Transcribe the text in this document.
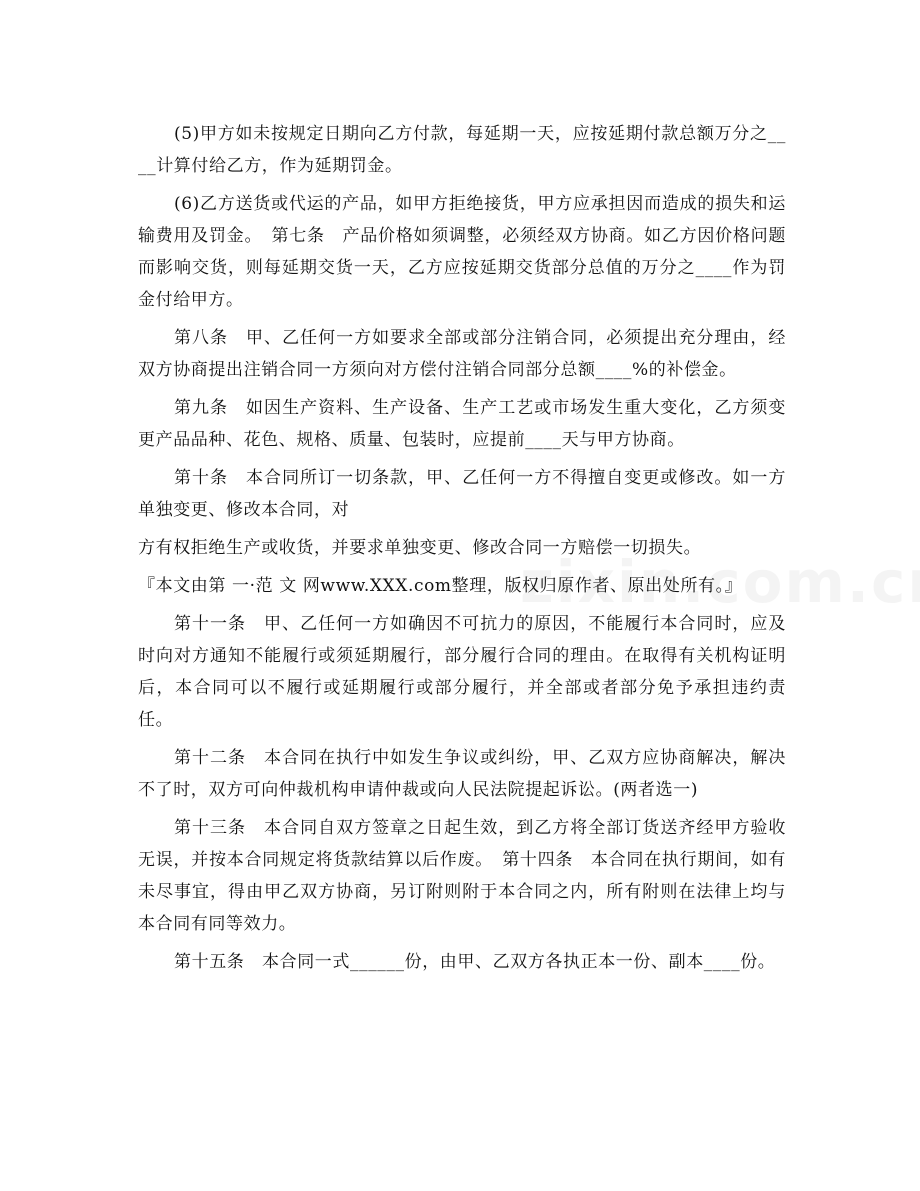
(5)甲方如未按规定日期向乙方付款，每延期一天，应按延期付款总额万分之____计算付给乙方，作为延期罚金。

(6)乙方送货或代运的产品，如甲方拒绝接货，甲方应承担因而造成的损失和运输费用及罚金。　第七条　产品价格如须调整，必须经双方协商。如乙方因价格问题而影响交货，则每延期交货一天，乙方应按延期交货部分总值的万分之____作为罚金付给甲方。

第八条　甲、乙任何一方如要求全部或部分注销合同，必须提出充分理由，经双方协商提出注销合同一方须向对方偿付注销合同部分总额____%的补偿金。

第九条　如因生产资料、生产设备、生产工艺或市场发生重大变化，乙方须变更产品品种、花色、规格、质量、包装时，应提前____天与甲方协商。

第十条　本合同所订一切条款，甲、乙任何一方不得擅自变更或修改。如一方单独变更、修改本合同，对

方有权拒绝生产或收货，并要求单独变更、修改合同一方赔偿一切损失。

『本文由第 一·范 文 网www.XXX.com整理，版权归原作者、原出处所有。』

第十一条　甲、乙任何一方如确因不可抗力的原因，不能履行本合同时，应及时向对方通知不能履行或须延期履行，部分履行合同的理由。在取得有关机构证明后，本合同可以不履行或延期履行或部分履行，并全部或者部分免予承担违约责任。

第十二条　本合同在执行中如发生争议或纠纷，甲、乙双方应协商解决，解决不了时，双方可向仲裁机构申请仲裁或向人民法院提起诉讼。(两者选一)

第十三条　本合同自双方签章之日起生效，到乙方将全部订货送齐经甲方验收无误，并按本合同规定将货款结算以后作废。　第十四条　本合同在执行期间，如有未尽事宜，得由甲乙双方协商，另订附则附于本合同之内，所有附则在法律上均与本合同有同等效力。

第十五条　本合同一式______份，由甲、乙双方各执正本一份、副本____份。
